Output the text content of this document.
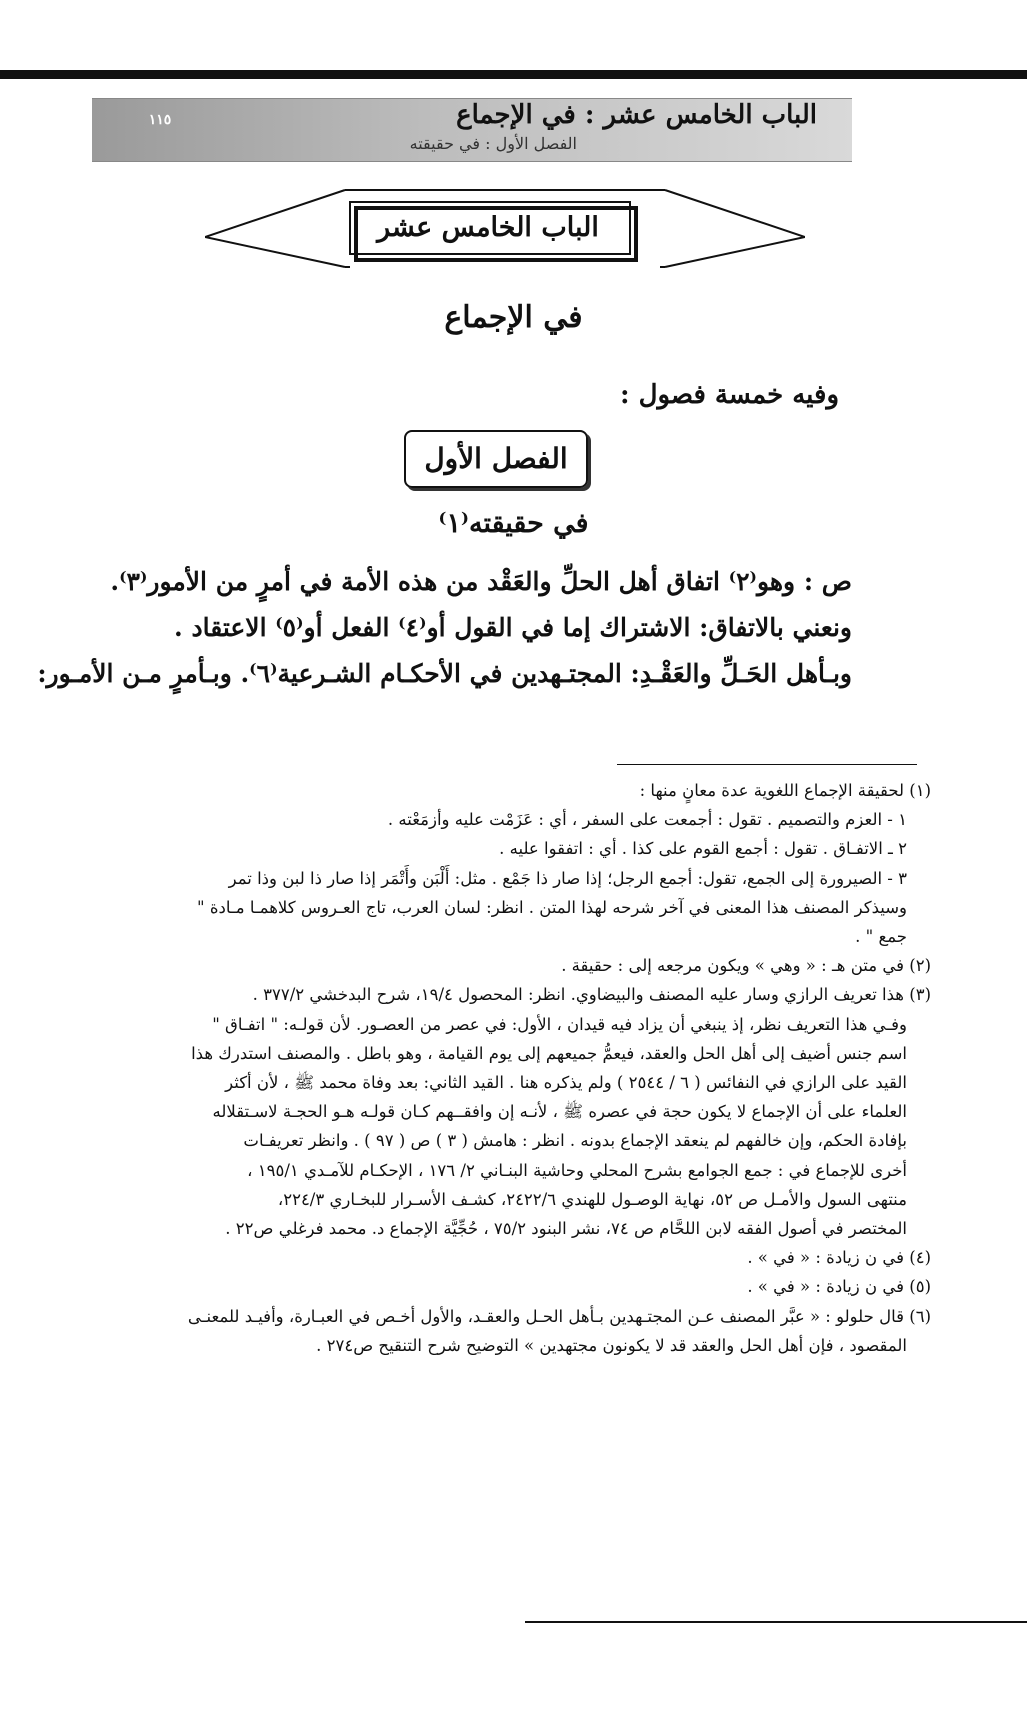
١١٥	الباب الخامس عشر : في الإجماع
الفصل الأول : في حقيقته
الباب الخامس عشر
في الإجماع
وفيه خمسة فصول :
الفصل الأول
في حقيقته⁽١⁾
ص : وهو⁽٢⁾ اتفاق أهل الحلِّ والعَقْد من هذه الأمة في أمرٍ من الأمور⁽٣⁾.
ونعني بالاتفاق: الاشتراك إما في القول أو⁽٤⁾ الفعل أو⁽٥⁾ الاعتقاد .
وبـأهل الحَـلِّ والعَقْـدِ: المجتـهدين في الأحكـام الشـرعية⁽٦⁾. وبـأمرٍ مـن الأمـور:

(١) لحقيقة الإجماع اللغوية عدة معانٍ منها :

١ - العزم والتصميم . تقول : أجمعت على السفر ، أي : عَزَمْت عليه وأزمَعْته .

٢ ـ الاتفـاق . تقول : أجمع القوم على كذا . أي : اتفقوا عليه .

٣ - الصيرورة إلى الجمع، تقول: أجمع الرجل؛ إذا صار ذا جَمْع . مثل: أَلْبَن وأَتْمَر إذا صار ذا لبن وذا تمر

وسيذكر المصنف هذا المعنى في آخر شرحه لهذا المتن . انظر: لسان العرب، تاج العـروس كلاهمـا مـادة "

جمع " .

(٢) في متن هـ : « وهي » ويكون مرجعه إلى : حقيقة .

(٣) هذا تعريف الرازي وسار عليه المصنف والبيضاوي. انظر: المحصول ١٩/٤، شرح البدخشي ٣٧٧/٢ .

وفـي هذا التعريف نظر، إذ ينبغي أن يزاد فيه قيدان ، الأول: في عصر من العصـور. لأن قولـه: " اتفـاق "

اسم جنس أضيف إلى أهل الحل والعقد، فيعمُّ جميعهم إلى يوم القيامة ، وهو باطل . والمصنف استدرك هذا

القيد على الرازي في النفائس ( ٦ / ٢٥٤٤ ) ولم يذكره هنا . القيد الثاني: بعد وفاة محمد ﷺ ، لأن أكثر

العلماء على أن الإجماع لا يكون حجة في عصره ﷺ ، لأنـه إن وافقــهم كـان قولـه هـو الحجـة لاسـتقلاله

بإفادة الحكم، وإن خالفهم لم ينعقد الإجماع بدونه . انظر : هامش ( ٣ ) ص ( ٩٧ ) . وانظر تعريفـات

أخرى للإجماع في : جمع الجوامع بشرح المحلي وحاشية البنـاني ٢/ ١٧٦ ، الإحكـام للآمـدي ١٩٥/١ ،

منتهى السول والأمـل ص ٥٢، نهاية الوصـول للهندي ٢٤٢٢/٦، كشـف الأسـرار للبخـاري ٢٢٤/٣،

المختصر في أصول الفقه لابن اللحَّام ص ٧٤، نشر البنود ٧٥/٢ ، حُجِّيَّة الإجماع د. محمد فرغلي ص٢٢ .

(٤) في ن زيادة : « في » .

(٥) في ن زيادة : « في » .

(٦) قال حلولو : « عبَّر المصنف عـن المجتـهدين بـأهل الحـل والعقـد، والأول أخـص في العبـارة، وأفيـد للمعنـى

المقصود ، فإن أهل الحل والعقد قد لا يكونون مجتهدين » التوضيح شرح التنقيح ص٢٧٤ .
